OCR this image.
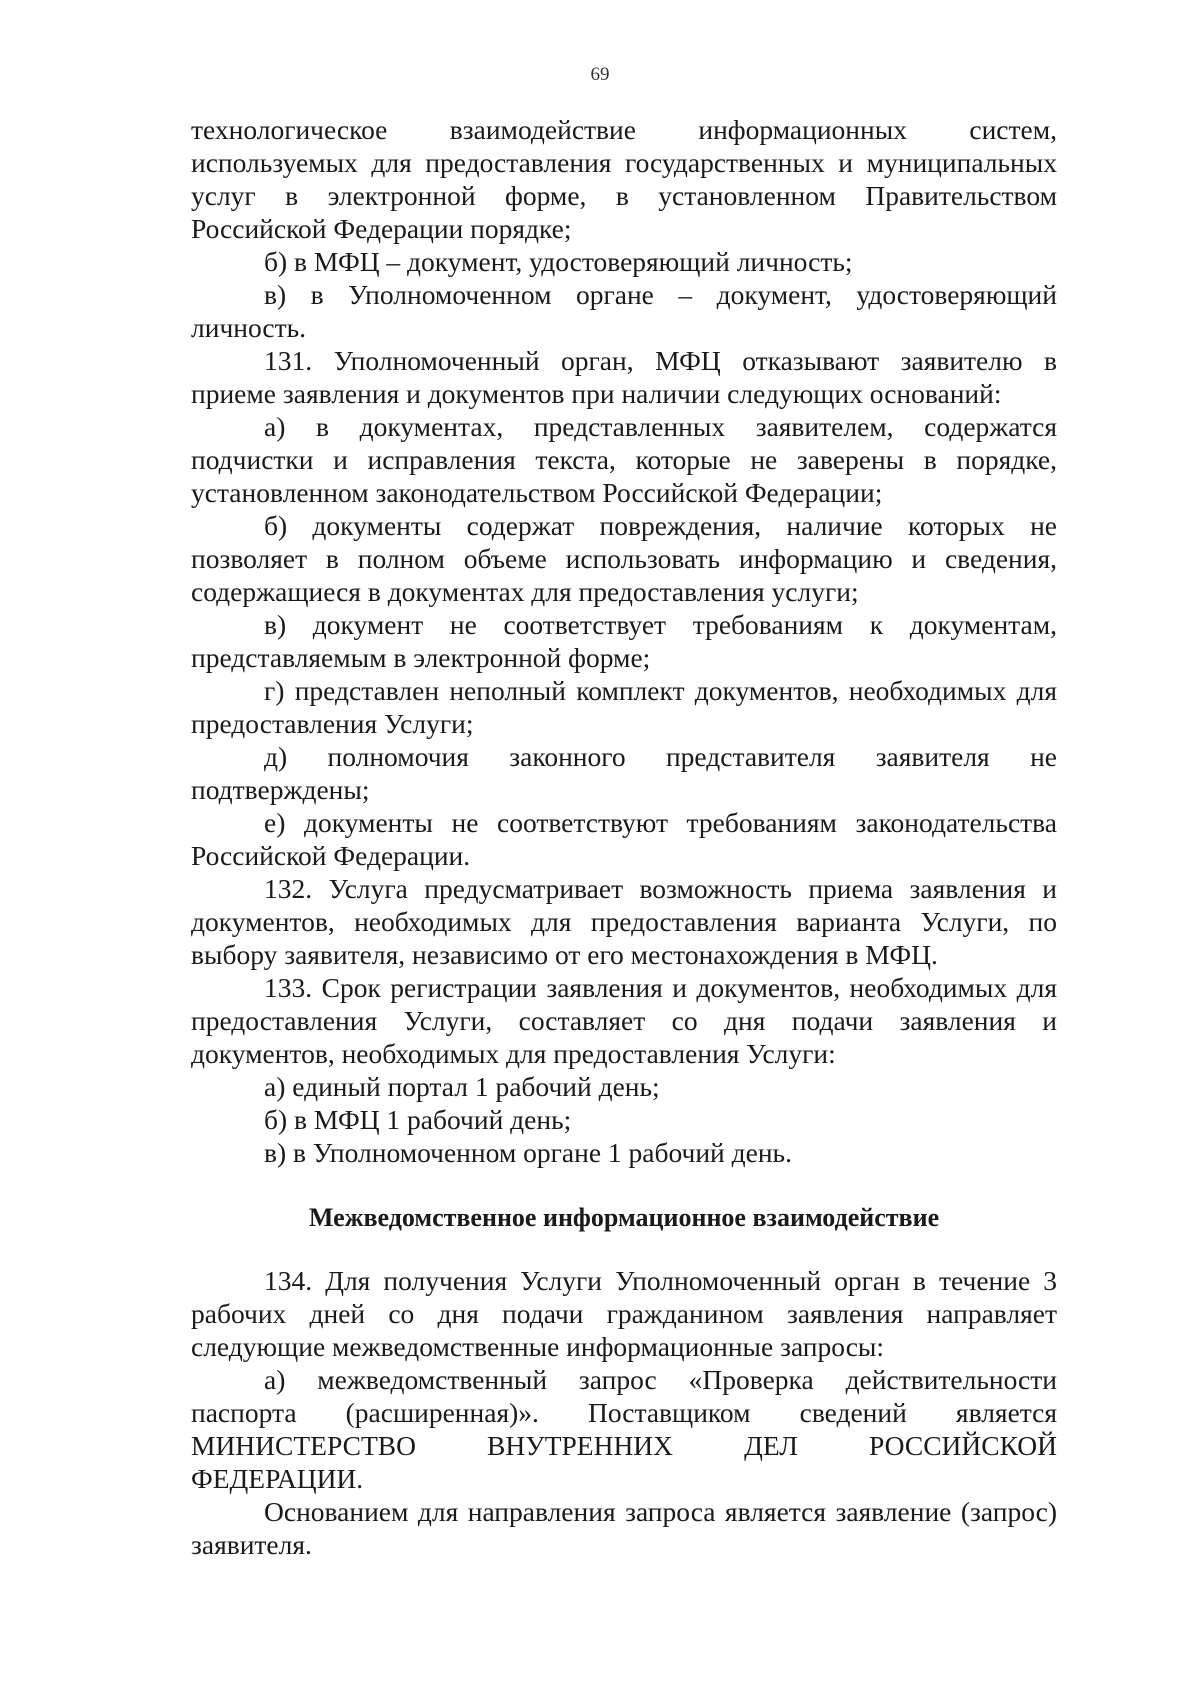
69

технологическое взаимодействие информационных систем, используемых для предоставления государственных и муниципальных услуг в электронной форме, в установленном Правительством Российской Федерации порядке;

б) в МФЦ – документ, удостоверяющий личность;

в) в Уполномоченном органе – документ, удостоверяющий личность.

131. Уполномоченный орган, МФЦ отказывают заявителю в приеме заявления и документов при наличии следующих оснований:

а) в документах, представленных заявителем, содержатся подчистки и исправления текста, которые не заверены в порядке, установленном законодательством Российской Федерации;

б) документы содержат повреждения, наличие которых не позволяет в полном объеме использовать информацию и сведения, содержащиеся в документах для предоставления услуги;

в) документ не соответствует требованиям к документам, представляемым в электронной форме;

г) представлен неполный комплект документов, необходимых для предоставления Услуги;

д) полномочия законного представителя заявителя не подтверждены;

е) документы не соответствуют требованиям законодательства Российской Федерации.

132. Услуга предусматривает возможность приема заявления и документов, необходимых для предоставления варианта Услуги, по выбору заявителя, независимо от его местонахождения в МФЦ.

133. Срок регистрации заявления и документов, необходимых для предоставления Услуги, составляет со дня подачи заявления и документов, необходимых для предоставления Услуги:

а) единый портал 1 рабочий день;

б) в МФЦ 1 рабочий день;

в) в Уполномоченном органе 1 рабочий день.

Межведомственное информационное взаимодействие

134. Для получения Услуги Уполномоченный орган в течение 3 рабочих дней со дня подачи гражданином заявления направляет следующие межведомственные информационные запросы:

а) межведомственный запрос «Проверка действительности паспорта (расширенная)». Поставщиком сведений является

МИНИСТЕРСТВО ВНУТРЕННИХ ДЕЛ РОССИЙСКОЙ

ФЕДЕРАЦИИ.

Основанием для направления запроса является заявление (запрос) заявителя.
